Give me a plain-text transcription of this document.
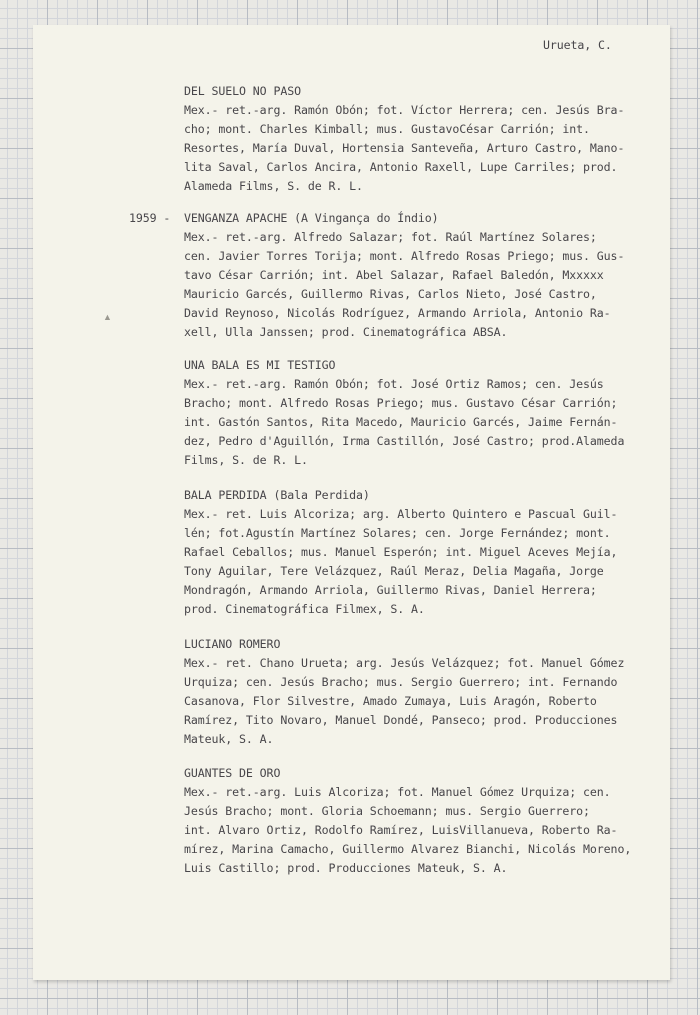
Urueta, C.
▲
DEL SUELO NO PASO
Mex.- ret.-arg. Ramón Obón; fot. Víctor Herrera; cen. Jesús Bra-
cho; mont. Charles Kimball; mus. GustavoCésar Carrión; int.
Resortes, María Duval, Hortensia Santeveña, Arturo Castro, Mano-
lita Saval, Carlos Ancira, Antonio Raxell, Lupe Carriles; prod.
Alameda Films, S. de R. L.
1959 - VENGANZA APACHE (A Vingança do Índio)
Mex.- ret.-arg. Alfredo Salazar; fot. Raúl Martínez Solares;
cen. Javier Torres Torija; mont. Alfredo Rosas Priego; mus. Gus-
tavo César Carrión; int. Abel Salazar, Rafael Baledón, Mxxxxx
Mauricio Garcés, Guillermo Rivas, Carlos Nieto, José Castro,
David Reynoso, Nicolás Rodríguez, Armando Arriola, Antonio Ra-
xell, Ulla Janssen; prod. Cinematográfica ABSA.
UNA BALA ES MI TESTIGO
Mex.- ret.-arg. Ramón Obón; fot. José Ortiz Ramos; cen. Jesús
Bracho; mont. Alfredo Rosas Priego; mus. Gustavo César Carrión;
int. Gastón Santos, Rita Macedo, Mauricio Garcés, Jaime Fernán-
dez, Pedro d'Aguillón, Irma Castillón, José Castro; prod.Alameda
Films, S. de R. L.
BALA PERDIDA (Bala Perdida)
Mex.- ret. Luis Alcoriza; arg. Alberto Quintero e Pascual Guil-
lén; fot.Agustín Martínez Solares; cen. Jorge Fernández; mont.
Rafael Ceballos; mus. Manuel Esperón; int. Miguel Aceves Mejía,
Tony Aguilar, Tere Velázquez, Raúl Meraz, Delia Magaña, Jorge
Mondragón, Armando Arriola, Guillermo Rivas, Daniel Herrera;
prod. Cinematográfica Filmex, S. A.
LUCIANO ROMERO
Mex.- ret. Chano Urueta; arg. Jesús Velázquez; fot. Manuel Gómez
Urquiza; cen. Jesús Bracho; mus. Sergio Guerrero; int. Fernando
Casanova, Flor Silvestre, Amado Zumaya, Luis Aragón, Roberto
Ramírez, Tito Novaro, Manuel Dondé, Panseco; prod. Producciones
Mateuk, S. A.
GUANTES DE ORO
Mex.- ret.-arg. Luis Alcoriza; fot. Manuel Gómez Urquiza; cen.
Jesús Bracho; mont. Gloria Schoemann; mus. Sergio Guerrero;
int. Alvaro Ortiz, Rodolfo Ramírez, LuisVillanueva, Roberto Ra-
mírez, Marina Camacho, Guillermo Alvarez Bianchi, Nicolás Moreno,
Luis Castillo; prod. Producciones Mateuk, S. A.
